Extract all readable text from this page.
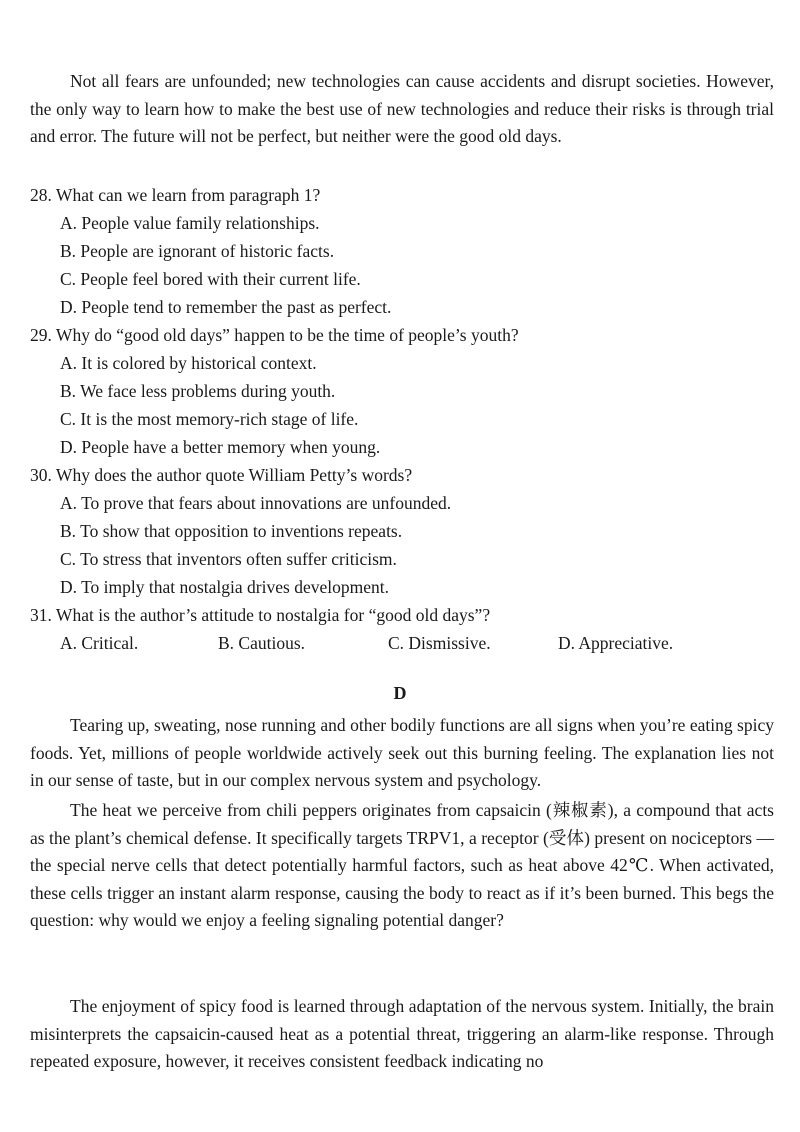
Not all fears are unfounded; new technologies can cause accidents and disrupt societies. However, the only way to learn how to make the best use of new technologies and reduce their risks is through trial and error. The future will not be perfect, but neither were the good old days.

28. What can we learn from paragraph 1?
A. People value family relationships.
B. People are ignorant of historic facts.
C. People feel bored with their current life.
D. People tend to remember the past as perfect.
29. Why do “good old days” happen to be the time of people’s youth?
A. It is colored by historical context.
B. We face less problems during youth.
C. It is the most memory-rich stage of life.
D. People have a better memory when young.
30. Why does the author quote William Petty’s words?
A. To prove that fears about innovations are unfounded.
B. To show that opposition to inventions repeats.
C. To stress that inventors often suffer criticism.
D. To imply that nostalgia drives development.
31. What is the author’s attitude to nostalgia for “good old days”?
A. Critical.	B. Cautious.	C. Dismissive.	D. Appreciative.
D

Tearing up, sweating, nose running and other bodily functions are all signs when you’re eating spicy foods. Yet, millions of people worldwide actively seek out this burning feeling. The explanation lies not in our sense of taste, but in our complex nervous system and psychology.

The heat we perceive from chili peppers originates from capsaicin (辣椒素), a compound that acts as the plant’s chemical defense. It specifically targets TRPV1, a receptor (受体) present on nociceptors — the special nerve cells that detect potentially harmful factors, such as heat above 42℃. When activated, these cells trigger an instant alarm response, causing the body to react as if it’s been burned. This begs the question: why would we enjoy a feeling signaling potential danger?

The enjoyment of spicy food is learned through adaptation of the nervous system. Initially, the brain misinterprets the capsaicin-caused heat as a potential threat, triggering an alarm-like response. Through repeated exposure, however, it receives consistent feedback indicating no
